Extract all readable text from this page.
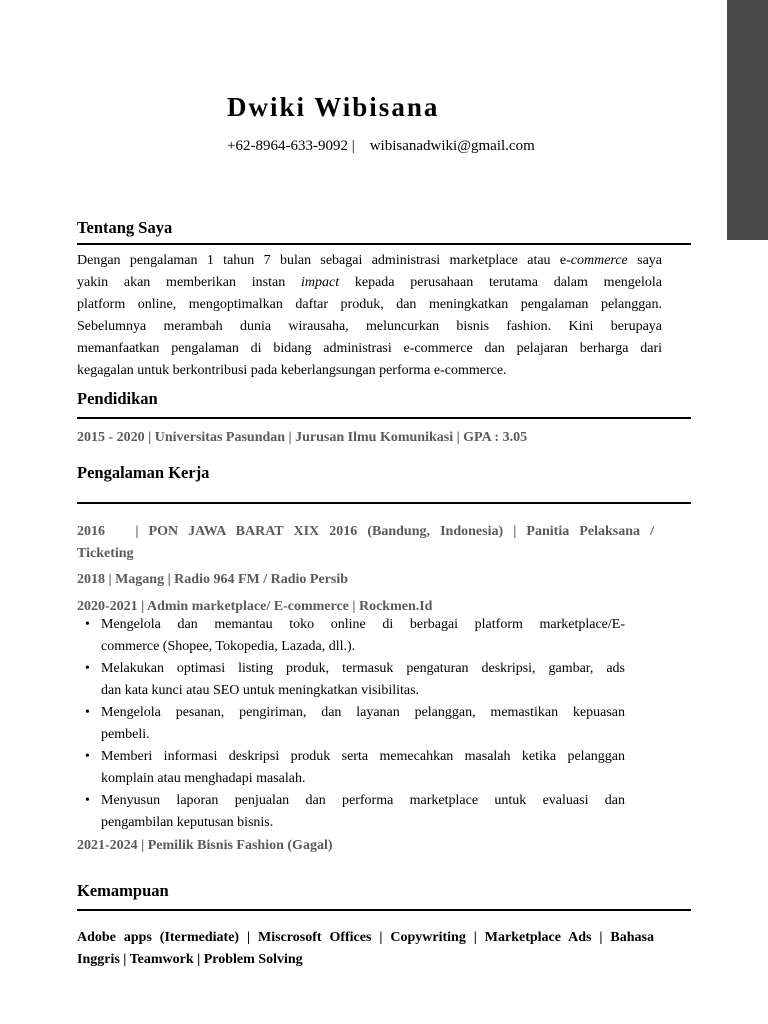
Dwiki Wibisana
+62-8964-633-9092 | wibisanadwiki@gmail.com
Tentang Saya
Dengan pengalaman 1 tahun 7 bulan sebagai administrasi marketplace atau e-commerce saya
yakin akan memberikan instan impact kepada perusahaan terutama dalam mengelola
platform online, mengoptimalkan daftar produk, dan meningkatkan pengalaman pelanggan.
Sebelumnya merambah dunia wirausaha, meluncurkan bisnis fashion. Kini berupaya
memanfaatkan pengalaman di bidang administrasi e-commerce dan pelajaran berharga dari
kegagalan untuk berkontribusi pada keberlangsungan performa e-commerce.
Pendidikan
2015 - 2020 | Universitas Pasundan | Jurusan Ilmu Komunikasi | GPA : 3.05
Pengalaman Kerja
2016   | PON JAWA BARAT XIX 2016 (Bandung, Indonesia) | Panitia Pelaksana /
Ticketing
2018 | Magang | Radio 964 FM / Radio Persib
2020-2021 | Admin marketplace/ E-commerce | Rockmen.Id
• Mengelola dan memantau toko online di berbagai platform marketplace/E-
commerce (Shopee, Tokopedia, Lazada, dll.).
• Melakukan optimasi listing produk, termasuk pengaturan deskripsi, gambar, ads
dan kata kunci atau SEO untuk meningkatkan visibilitas.
• Mengelola pesanan, pengiriman, dan layanan pelanggan, memastikan kepuasan
pembeli.
• Memberi informasi deskripsi produk serta memecahkan masalah ketika pelanggan
komplain atau menghadapi masalah.
• Menyusun laporan penjualan dan performa marketplace untuk evaluasi dan
pengambilan keputusan bisnis.
2021-2024 | Pemilik Bisnis Fashion (Gagal)
Kemampuan
Adobe apps (Itermediate) | Miscrosoft Offices | Copywriting | Marketplace Ads | Bahasa
Inggris | Teamwork | Problem Solving
